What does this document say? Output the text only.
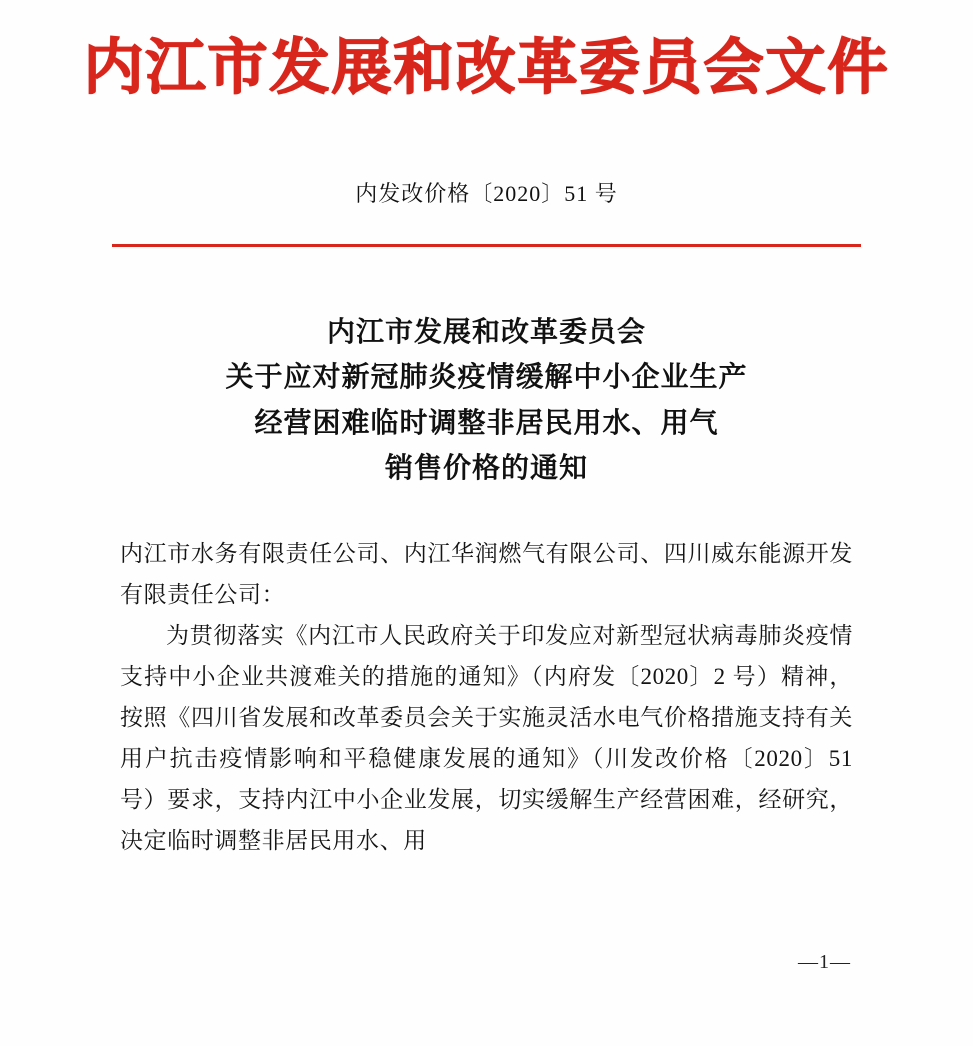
内江市发展和改革委员会文件
内发改价格〔2020〕51 号
内江市发展和改革委员会
关于应对新冠肺炎疫情缓解中小企业生产
经营困难临时调整非居民用水、用气
销售价格的通知

内江市水务有限责任公司、内江华润燃气有限公司、四川威东能源开发有限责任公司：

为贯彻落实《内江市人民政府关于印发应对新型冠状病毒肺炎疫情 支持中小企业共渡难关的措施的通知》（内府发〔2020〕2 号）精神，按照《四川省发展和改革委员会关于实施灵活水电气价格措施支持有关用户抗击疫情影响和平稳健康发展的通知》（川发改价格〔2020〕51 号）要求，支持内江中小企业发展，切实缓解生产经营困难，经研究，决定临时调整非居民用水、用

—1—
